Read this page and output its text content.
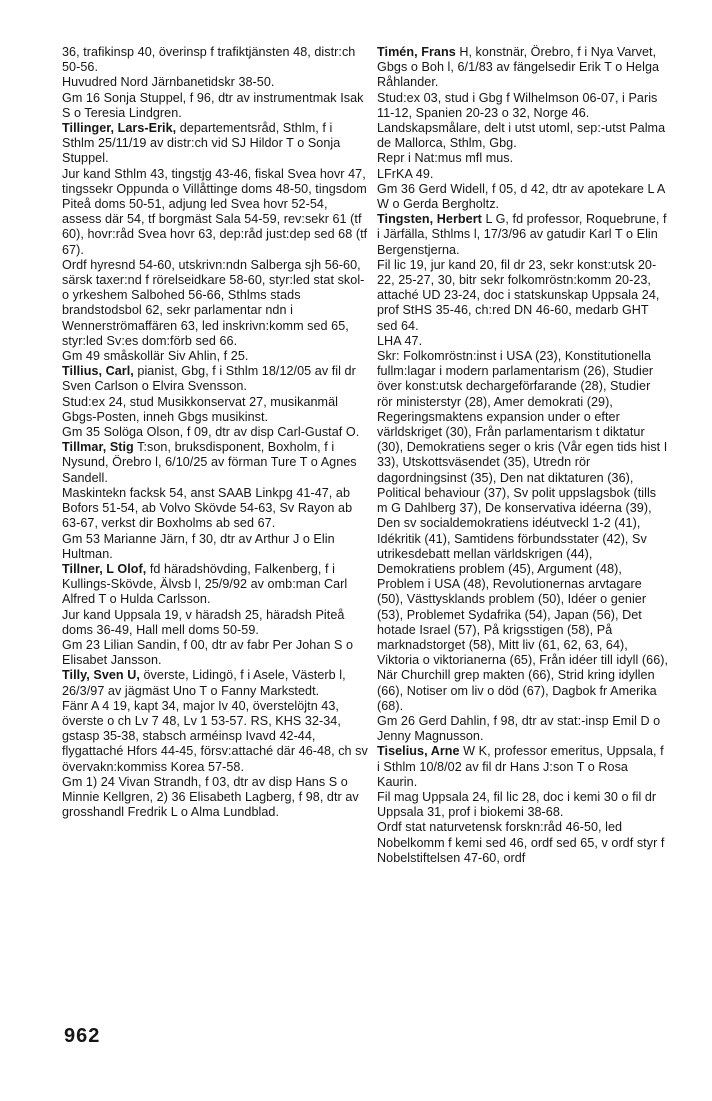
36, trafikinsp 40, överinsp f trafiktjänsten 48, distr:ch 50-56.

Huvudred Nord Järnbanetidskr 38-50.

Gm 16 Sonja Stuppel, f 96, dtr av instrumentmak Isak S o Teresia Lindgren.

Tillinger, Lars-Erik, departementsråd, Sthlm, f i Sthlm 25/11/19 av distr:ch vid SJ Hildor T o Sonja Stuppel.

Jur kand Sthlm 43, tingstjg 43-46, fiskal Svea hovr 47, tingssekr Oppunda o Villåttinge doms 48-50, tingsdom Piteå doms 50-51, adjung led Svea hovr 52-54, assess där 54, tf borgmäst Sala 54-59, rev:sekr 61 (tf 60), hovr:råd Svea hovr 63, dep:råd just:dep sed 68 (tf 67).

Ordf hyresnd 54-60, utskrivn:ndn Salberga sjh 56-60, särsk taxer:nd f rörelseidkare 58-60, styr:led stat skol- o yrkeshem Salbohed 56-66, Sthlms stads brandstodsbol 62, sekr parlamentar ndn i Wennerströmaffären 63, led inskrivn:komm sed 65, styr:led Sv:es dom:förb sed 66.

Gm 49 småskollär Siv Ahlin, f 25.

Tillius, Carl, pianist, Gbg, f i Sthlm 18/12/05 av fil dr Sven Carlson o Elvira Svensson.

Stud:ex 24, stud Musikkonservat 27, musikanmäl Gbgs-Posten, inneh Gbgs musikinst.

Gm 35 Solöga Olson, f 09, dtr av disp Carl-Gustaf O.

Tillmar, Stig T:son, bruksdisponent, Boxholm, f i Nysund, Örebro l, 6/10/25 av förman Ture T o Agnes Sandell.

Maskintekn facksk 54, anst SAAB Linkpg 41-47, ab Bofors 51-54, ab Volvo Skövde 54-63, Sv Rayon ab 63-67, verkst dir Boxholms ab sed 67.

Gm 53 Marianne Järn, f 30, dtr av Arthur J o Elin Hultman.

Tillner, L Olof, fd häradshövding, Falkenberg, f i Kullings-Skövde, Älvsb l, 25/9/92 av omb:man Carl Alfred T o Hulda Carlsson.

Jur kand Uppsala 19, v häradsh 25, häradsh Piteå doms 36-49, Hall mell doms 50-59.

Gm 23 Lilian Sandin, f 00, dtr av fabr Per Johan S o Elisabet Jansson.

Tilly, Sven U, överste, Lidingö, f i Asele, Västerb l, 26/3/97 av jägmäst Uno T o Fanny Markstedt.

Fänr A 4 19, kapt 34, major Iv 40, överstelöjtn 43, överste o ch Lv 7 48, Lv 1 53-57. RS, KHS 32-34, gstasp 35-38, stabsch arméinsp Ivavd 42-44, flygattaché Hfors 44-45, försv:attaché där 46-48, ch sv övervakn:kommiss Korea 57-58.

Gm 1) 24 Vivan Strandh, f 03, dtr av disp Hans S o Minnie Kellgren, 2) 36 Elisabeth Lagberg, f 98, dtr av grosshandl Fredrik L o Alma Lundblad.

Timén, Frans H, konstnär, Örebro, f i Nya Varvet, Gbgs o Boh l, 6/1/83 av fängelsedir Erik T o Helga Råhlander.

Stud:ex 03, stud i Gbg f Wilhelmson 06-07, i Paris 11-12, Spanien 20-23 o 32, Norge 46.

Landskapsmålare, delt i utst utoml, sep:-utst Palma de Mallorca, Sthlm, Gbg.

Repr i Nat:mus mfl mus.

LFrKA 49.

Gm 36 Gerd Widell, f 05, d 42, dtr av apotekare L A W o Gerda Bergholtz.

Tingsten, Herbert L G, fd professor, Roquebrune, f i Järfälla, Sthlms l, 17/3/96 av gatudir Karl T o Elin Bergenstjerna.

Fil lic 19, jur kand 20, fil dr 23, sekr konst:utsk 20-22, 25-27, 30, bitr sekr folkomröstn:komm 20-23, attaché UD 23-24, doc i statskunskap Uppsala 24, prof StHS 35-46, ch:red DN 46-60, medarb GHT sed 64.

LHA 47.

Skr: Folkomröstn:inst i USA (23), Konstitutionella fullm:lagar i modern parlamentarism (26), Studier över konst:utsk dechargeförfarande (28), Studier rör ministerstyr (28), Amer demokrati (29), Regeringsmaktens expansion under o efter världskriget (30), Från parlamentarism t diktatur (30), Demokratiens seger o kris (Vår egen tids hist I 33), Utskottsväsendet (35), Utredn rör dagordningsinst (35), Den nat diktaturen (36), Political behaviour (37), Sv polit uppslagsbok (tills m G Dahlberg 37), De konservativa idéerna (39), Den sv socialdemokratiens idéutveckl 1-2 (41), Idékritik (41), Samtidens förbundsstater (42), Sv utrikesdebatt mellan världskrigen (44), Demokratiens problem (45), Argument (48), Problem i USA (48), Revolutionernas arvtagare (50), Västtysklands problem (50), Idéer o genier (53), Problemet Sydafrika (54), Japan (56), Det hotade Israel (57), På krigsstigen (58), På marknadstorget (58), Mitt liv (61, 62, 63, 64), Viktoria o viktorianerna (65), Från idéer till idyll (66), När Churchill grep makten (66), Strid kring idyllen (66), Notiser om liv o död (67), Dagbok fr Amerika (68).

Gm 26 Gerd Dahlin, f 98, dtr av stat:-insp Emil D o Jenny Magnusson.

Tiselius, Arne W K, professor emeritus, Uppsala, f i Sthlm 10/8/02 av fil dr Hans J:son T o Rosa Kaurin.

Fil mag Uppsala 24, fil lic 28, doc i kemi 30 o fil dr Uppsala 31, prof i biokemi 38-68.

Ordf stat naturvetensk forskn:råd 46-50, led Nobelkomm f kemi sed 46, ordf sed 65, v ordf styr f Nobelstiftelsen 47-60, ordf

962
